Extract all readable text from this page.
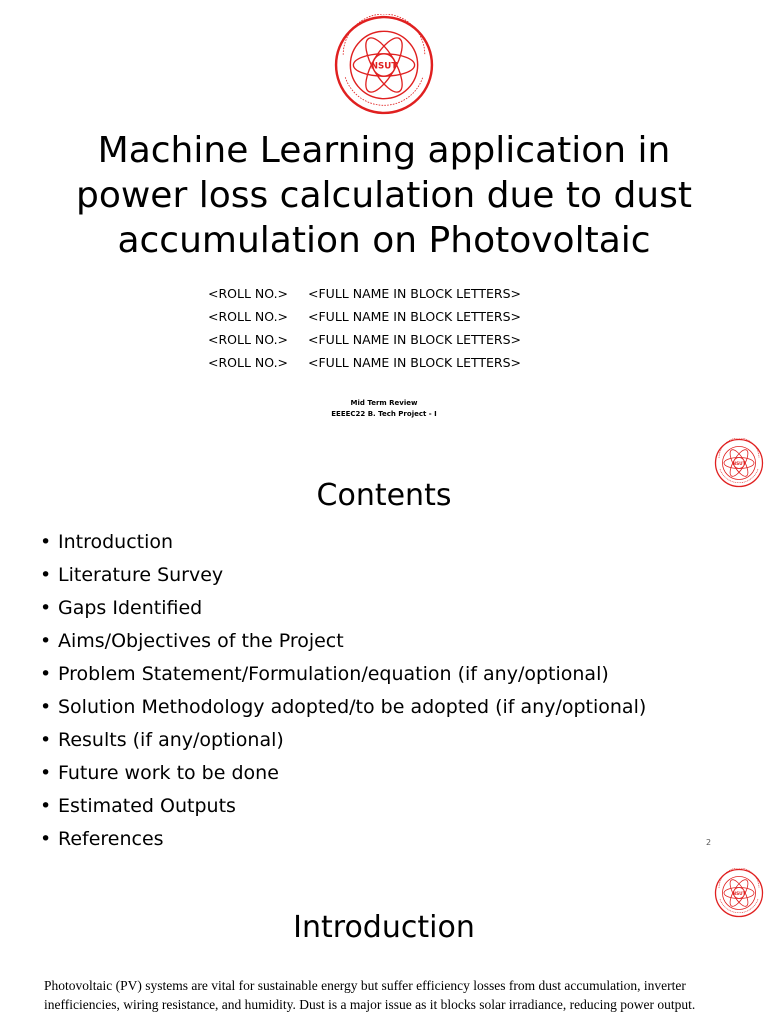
NSUT
Machine Learning application in power loss calculation due to dust accumulation on Photovoltaic
<ROLL NO.>	<FULL NAME IN BLOCK LETTERS>
<ROLL NO.>	<FULL NAME IN BLOCK LETTERS>
<ROLL NO.>	<FULL NAME IN BLOCK LETTERS>
<ROLL NO.>	<FULL NAME IN BLOCK LETTERS>
Mid Term Review
EEEEC22 B. Tech Project - I
NSUT
Contents
• Introduction
• Literature Survey
• Gaps Identified
• Aims/Objectives of the Project
• Problem Statement/Formulation/equation (if any/optional)
• Solution Methodology adopted/to be adopted (if any/optional)
• Results (if any/optional)
• Future work to be done
• Estimated Outputs
• References	2
NSUT
Introduction

Photovoltaic (PV) systems are vital for sustainable energy but suffer efficiency losses from dust accumulation, inverter inefficiencies, wiring resistance, and humidity. Dust is a major issue as it blocks solar irradiance, reducing power output.
